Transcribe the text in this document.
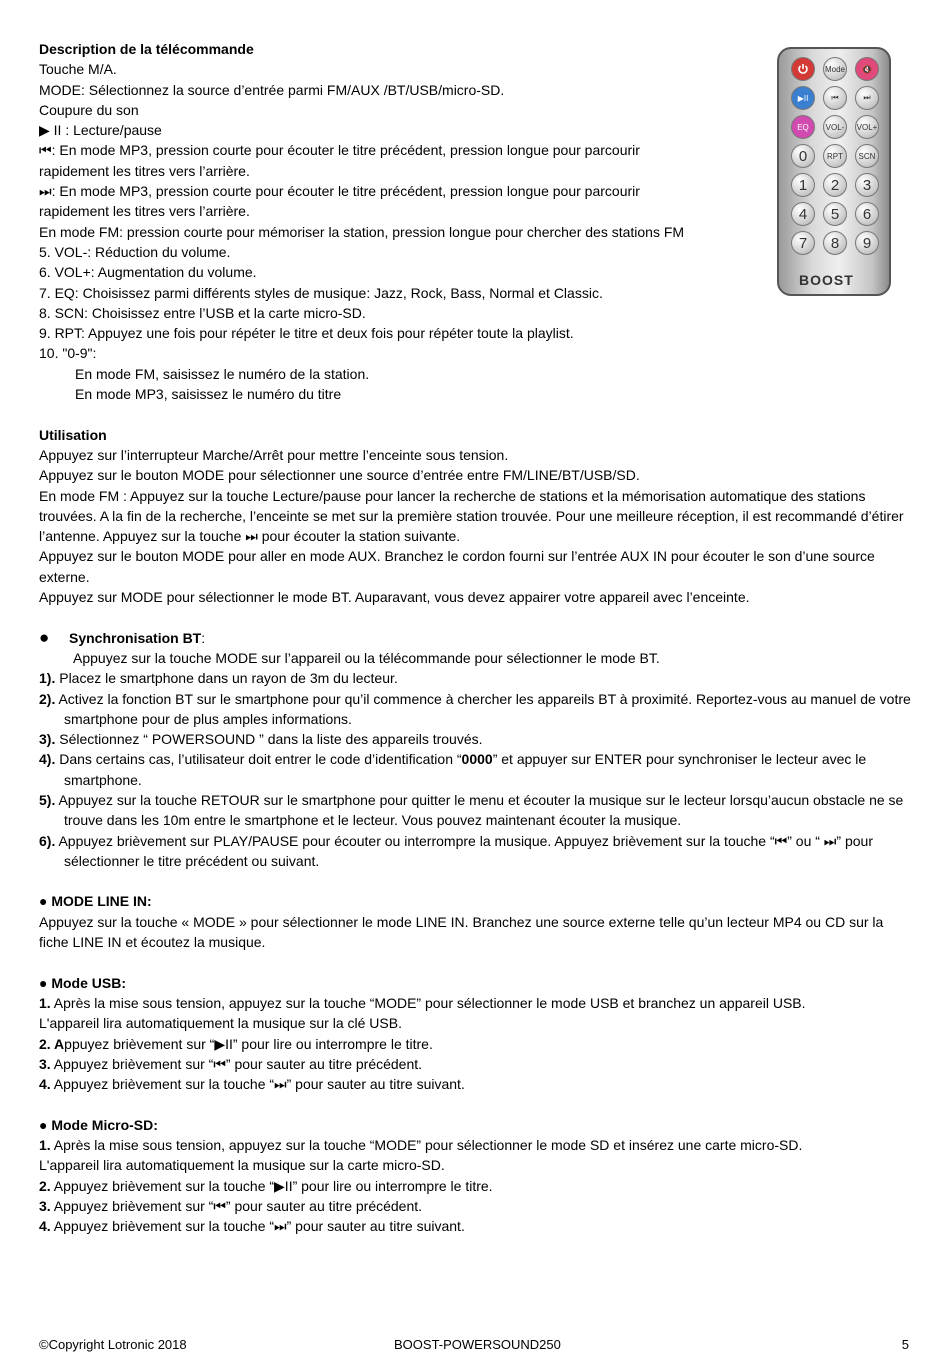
Description de la télécommande
Touche M/A.
MODE: Sélectionnez la source d’entrée parmi FM/AUX /BT/USB/micro-SD.
Coupure du son
▶ II : Lecture/pause
⏮: En mode MP3, pression courte pour écouter le titre précédent, pression longue pour parcourir
rapidement les titres vers l’arrière.
⏭: En mode MP3, pression courte pour écouter le titre précédent, pression longue pour parcourir
rapidement les titres vers l’arrière.
En mode FM: pression courte pour mémoriser la station, pression longue pour chercher des stations FM
5. VOL-: Réduction du volume.
6. VOL+: Augmentation du volume.
7. EQ: Choisissez parmi différents styles de musique: Jazz, Rock, Bass, Normal et Classic.
8. SCN: Choisissez entre l’USB et la carte micro-SD.
9. RPT: Appuyez une fois pour répéter le titre et deux fois pour répéter toute la playlist.
10. "0-9":
En mode FM, saisissez le numéro de la station.
En mode MP3, saisissez le numéro du titre
Utilisation
Appuyez sur l’interrupteur Marche/Arrêt pour mettre l’enceinte sous tension.
Appuyez sur le bouton MODE pour sélectionner une source d’entrée entre FM/LINE/BT/USB/SD.
En mode FM : Appuyez sur la touche Lecture/pause pour lancer la recherche de stations et la mémorisation automatique des stations trouvées. A la fin de la recherche, l’enceinte se met sur la première station trouvée. Pour une meilleure réception, il est recommandé d’étirer l’antenne. Appuyez sur la touche ⏭ pour écouter la station suivante.
Appuyez sur le bouton MODE pour aller en mode AUX. Branchez le cordon fourni sur l’entrée AUX IN pour écouter le son d’une source externe.
Appuyez sur MODE pour sélectionner le mode BT. Auparavant, vous devez appairer votre appareil avec l’enceinte.
● Synchronisation BT:
Appuyez sur la touche MODE sur l’appareil ou la télécommande pour sélectionner le mode BT.
1). Placez le smartphone dans un rayon de 3m du lecteur.
2). Activez la fonction BT sur le smartphone pour qu’il commence à chercher les appareils BT à proximité. Reportez-vous au manuel de votre smartphone pour de plus amples informations.
3). Sélectionnez “ POWERSOUND ” dans la liste des appareils trouvés.
4). Dans certains cas, l’utilisateur doit entrer le code d’identification “0000” et appuyer sur ENTER pour synchroniser le lecteur avec le smartphone.
5). Appuyez sur la touche RETOUR sur le smartphone pour quitter le menu et écouter la musique sur le lecteur lorsqu’aucun obstacle ne se trouve dans les 10m entre le smartphone et le lecteur. Vous pouvez maintenant écouter la musique.
6). Appuyez brièvement sur PLAY/PAUSE pour écouter ou interrompre la musique. Appuyez brièvement sur la touche “⏮” ou “ ⏭” pour sélectionner le titre précédent ou suivant.
● MODE LINE IN:
Appuyez sur la touche « MODE » pour sélectionner le mode LINE IN. Branchez une source externe telle qu’un lecteur MP4 ou CD sur la fiche LINE IN et écoutez la musique.
● Mode USB:
1. Après la mise sous tension, appuyez sur la touche “MODE” pour sélectionner le mode USB et branchez un appareil USB.
L'appareil lira automatiquement la musique sur la clé USB.
2. Appuyez brièvement sur “▶II” pour lire ou interrompre le titre.
3. Appuyez brièvement sur “⏮” pour sauter au titre précédent.
4. Appuyez brièvement sur la touche “⏭” pour sauter au titre suivant.
● Mode Micro-SD:
1. Après la mise sous tension, appuyez sur la touche “MODE” pour sélectionner le mode SD et insérez une carte micro-SD.
L'appareil lira automatiquement la musique sur la carte micro-SD.
2. Appuyez brièvement sur la touche “▶II” pour lire ou interrompre le titre.
3. Appuyez brièvement sur “⏮” pour sauter au titre précédent.
4. Appuyez brièvement sur la touche “⏭” pour sauter au titre suivant.
Mode	🔇
▶II	⏮	⏭
EQ	VOL-	VOL+
0	RPT	SCN
1	2	3
4	5	6
7	8	9
BOOST
©Copyright Lotronic 2018	BOOST-POWERSOUND250	5
